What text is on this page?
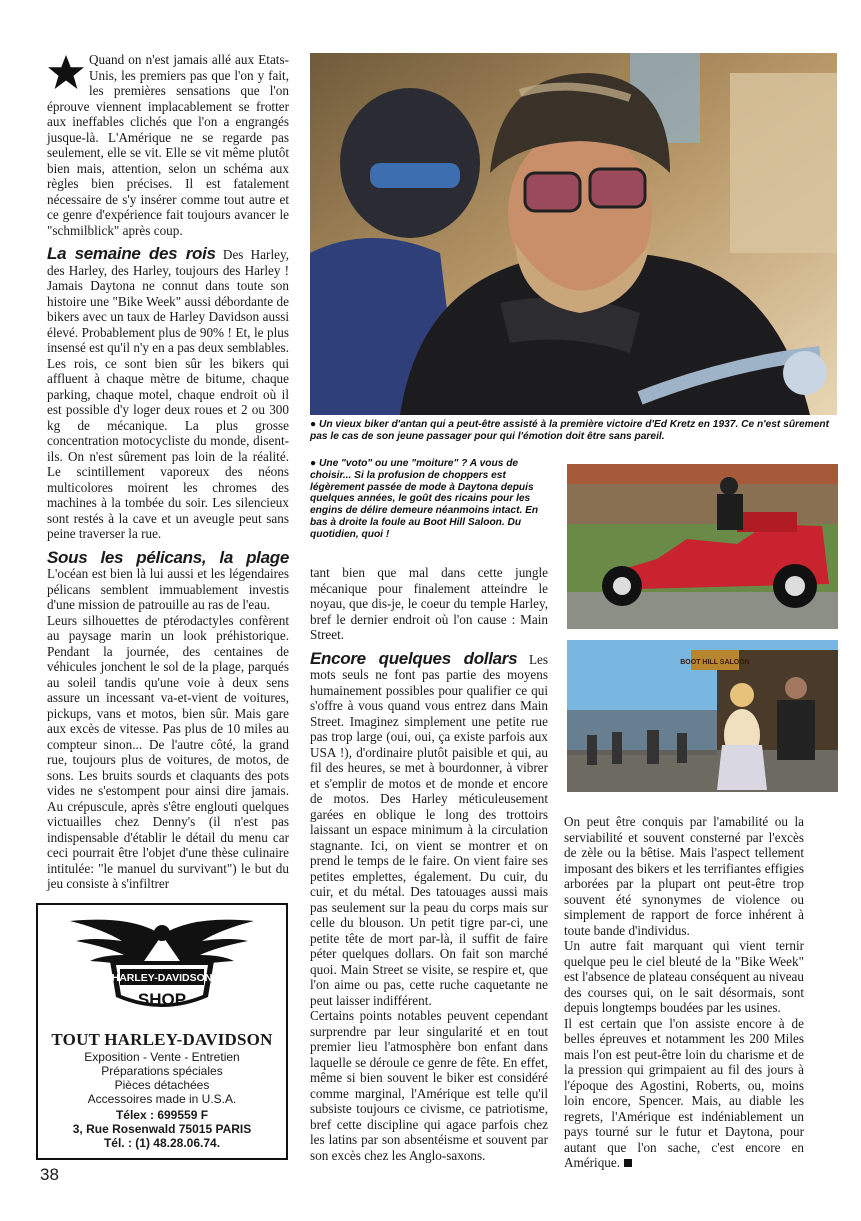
Quand on n'est jamais allé aux Etats-Unis, les premiers pas que l'on y fait, les premières sensations que l'on éprouve viennent implacablement se frotter aux ineffables clichés que l'on a engrangés jusque-là. L'Amérique ne se regarde pas seulement, elle se vit. Elle se vit même plutôt bien mais, attention, selon un schéma aux règles bien précises. Il est fatalement nécessaire de s'y insérer comme tout autre et ce genre d'expérience fait toujours avancer le "schmilblick" après coup.

La semaine des rois Des Harley, des Harley, des Harley, toujours des Harley ! Jamais Daytona ne connut dans toute son histoire une "Bike Week" aussi débordante de bikers avec un taux de Harley Davidson aussi élevé. Probablement plus de 90% ! Et, le plus insensé est qu'il n'y en a pas deux semblables. Les rois, ce sont bien sûr les bikers qui affluent à chaque mètre de bitume, chaque parking, chaque motel, chaque endroit où il est possible d'y loger deux roues et 2 ou 300 kg de mécanique. La plus grosse concentration motocycliste du monde, disent-ils. On n'est sûrement pas loin de la réalité. Le scintillement vaporeux des néons multicolores moirent les chromes des machines à la tombée du soir. Les silencieux sont restés à la cave et un aveugle peut sans peine traverser la rue.

Sous les pélicans, la plage L'océan est bien là lui aussi et les légendaires pélicans semblent immuablement investis d'une mission de patrouille au ras de l'eau.

Leurs silhouettes de ptérodactyles confèrent au paysage marin un look préhistorique. Pendant la journée, des centaines de véhicules jonchent le sol de la plage, parqués au soleil tandis qu'une voie à deux sens assure un incessant va-et-vient de voitures, pickups, vans et motos, bien sûr. Mais gare aux excès de vitesse. Pas plus de 10 miles au compteur sinon... De l'autre côté, la grand rue, toujours plus de voitures, de motos, de sons. Les bruits sourds et claquants des pots vides ne s'estompent pour ainsi dire jamais. Au crépuscule, après s'être englouti quelques victuailles chez Denny's (il n'est pas indispensable d'établir le détail du menu car ceci pourrait être l'objet d'une thèse culinaire intitulée: "le manuel du survivant") le but du jeu consiste à s'infiltrer

● Un vieux biker d'antan qui a peut-être assisté à la première victoire d'Ed Kretz en 1937. Ce n'est sûrement pas le cas de son jeune passager pour qui l'émotion doit être sans pareil.
● Une "voto" ou une "moiture" ? A vous de choisir... Si la profusion de choppers est légèrement passée de mode à Daytona depuis quelques années, le goût des ricains pour les engins de délire demeure néanmoins intact. En bas à droite la foule au Boot Hill Saloon. Du quotidien, quoi !
BOOT HILL SALOON

tant bien que mal dans cette jungle mécanique pour finalement atteindre le noyau, que dis-je, le coeur du temple Harley, bref le dernier endroit où l'on cause : Main Street.

Encore quelques dollars Les mots seuls ne font pas partie des moyens humainement possibles pour qualifier ce qui s'offre à vous quand vous entrez dans Main Street. Imaginez simplement une petite rue pas trop large (oui, oui, ça existe parfois aux USA !), d'ordinaire plutôt paisible et qui, au fil des heures, se met à bourdonner, à vibrer et s'emplir de motos et de monde et encore de motos. Des Harley méticuleusement garées en oblique le long des trottoirs laissant un espace minimum à la circulation stagnante. Ici, on vient se montrer et on prend le temps de le faire. On vient faire ses petites emplettes, également. Du cuir, du cuir, et du métal. Des tatouages aussi mais pas seulement sur la peau du corps mais sur celle du blouson. Un petit tigre par-ci, une petite tête de mort par-là, il suffit de faire péter quelques dollars. On fait son marché quoi. Main Street se visite, se respire et, que l'on aime ou pas, cette ruche caquetante ne peut laisser indifférent.

Certains points notables peuvent cependant surprendre par leur singularité et en tout premier lieu l'atmosphère bon enfant dans laquelle se déroule ce genre de fête. En effet, même si bien souvent le biker est considéré comme marginal, l'Amérique est telle qu'il subsiste toujours ce civisme, ce patriotisme, bref cette discipline qui agace parfois chez les latins par son absentéisme et souvent par son excès chez les Anglo-saxons.

On peut être conquis par l'amabilité ou la serviabilité et souvent consterné par l'excès de zèle ou la bêtise. Mais l'aspect tellement imposant des bikers et les terrifiantes effigies arborées par la plupart ont peut-être trop souvent été synonymes de violence ou simplement de rapport de force inhérent à toute bande d'individus.

Un autre fait marquant qui vient ternir quelque peu le ciel bleuté de la "Bike Week" est l'absence de plateau conséquent au niveau des courses qui, on le sait désormais, sont depuis longtemps boudées par les usines.

Il est certain que l'on assiste encore à de belles épreuves et notamment les 200 Miles mais l'on est peut-être loin du charisme et de la pression qui grimpaient au fil des jours à l'époque des Agostini, Roberts, ou, moins loin encore, Spencer. Mais, au diable les regrets, l'Amérique est indéniablement un pays tourné sur le futur et Daytona, pour autant que l'on sache, c'est encore en Amérique.

HARLEY-DAVIDSON
SHOP
TOUT HARLEY-DAVIDSON
Exposition - Vente - Entretien
Préparations spéciales
Pièces détachées
Accessoires made in U.S.A.
Télex : 699559 F
3, Rue Rosenwald 75015 PARIS
Tél. : (1) 48.28.06.74.
38
